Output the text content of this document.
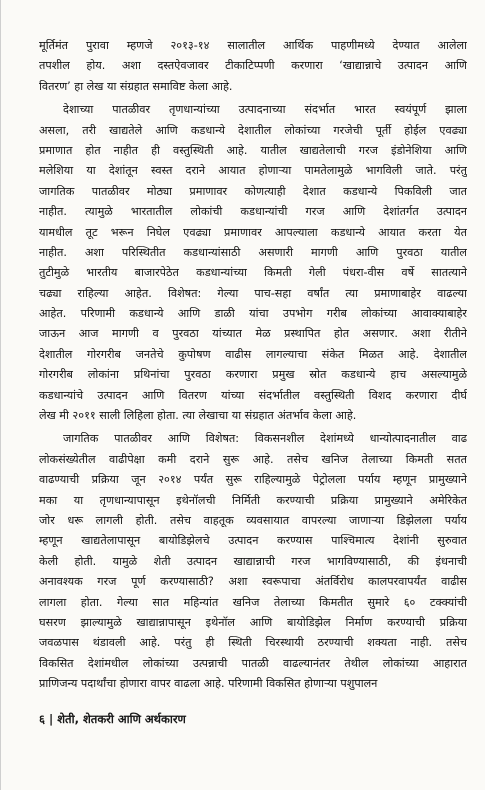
मूर्तिमंत पुरावा म्हणजे २०१३-१४ सालातील आर्थिक पाहणीमध्ये देण्यात आलेला
तपशील होय. अशा दस्तऐवजावर टीकाटिप्पणी करणारा ‘खाद्यान्नाचे उत्पादन आणि
वितरण’ हा लेख या संग्रहात समाविष्ट केला आहे.
देशाच्या पातळीवर तृणधान्यांच्या उत्पादनाच्या संदर्भात भारत स्वयंपूर्ण झाला
असला, तरी खाद्यतेले आणि कडधान्ये देशातील लोकांच्या गरजेची पूर्ती होईल एवढ्या
प्रमाणात होत नाहीत ही वस्तुस्थिती आहे. यातील खाद्यतेलाची गरज इंडोनेशिया आणि
मलेशिया या देशांतून स्वस्त दराने आयात होणाऱ्या पामतेलामुळे भागविली जाते. परंतु
जागतिक पातळीवर मोठ्या प्रमाणावर कोणत्याही देशात कडधान्ये पिकविली जात
नाहीत. त्यामुळे भारतातील लोकांची कडधान्यांची गरज आणि देशांतर्गत उत्पादन
यामधील तूट भरून निघेल एवढ्या प्रमाणावर आपल्याला कडधान्ये आयात करता येत
नाहीत. अशा परिस्थितीत कडधान्यांसाठी असणारी मागणी आणि पुरवठा यातील
तुटीमुळे भारतीय बाजारपेठेत कडधान्यांच्या किमती गेली पंधरा-वीस वर्षे सातत्याने
चढ्या राहिल्या आहेत. विशेषत: गेल्या पाच-सहा वर्षांत त्या प्रमाणाबाहेर वाढल्या
आहेत. परिणामी कडधान्ये आणि डाळी यांचा उपभोग गरीब लोकांच्या आवाक्याबाहेर
जाऊन आज मागणी व पुरवठा यांच्यात मेळ प्रस्थापित होत असणार. अशा रीतीने
देशातील गोरगरीब जनतेचे कुपोषण वाढीस लागल्याचा संकेत मिळत आहे. देशातील
गोरगरीब लोकांना प्रथिनांचा पुरवठा करणारा प्रमुख स्रोत कडधान्ये हाच असल्यामुळे
कडधान्यांचे उत्पादन आणि वितरण यांच्या संदर्भातील वस्तुस्थिती विशद करणारा दीर्घ
लेख मी २०११ साली लिहिला होता. त्या लेखाचा या संग्रहात अंतर्भाव केला आहे.
जागतिक पातळीवर आणि विशेषत: विकसनशील देशांमध्ये धान्योत्पादनातील वाढ
लोकसंख्येतील वाढीपेक्षा कमी दराने सुरू आहे. तसेच खनिज तेलाच्या किमती सतत
वाढण्याची प्रक्रिया जून २०१४ पर्यंत सुरू राहिल्यामुळे पेट्रोलला पर्याय म्हणून प्रामुख्याने
मका या तृणधान्यापासून इथेनॉलची निर्मिती करण्याची प्रक्रिया प्रामुख्याने अमेरिकेत
जोर धरू लागली होती. तसेच वाहतूक व्यवसायात वापरल्या जाणाऱ्या डिझेलला पर्याय
म्हणून खाद्यतेलापासून बायोडिझेलचे उत्पादन करण्यास पाश्चिमात्य देशांनी सुरुवात
केली होती. यामुळे शेती उत्पादन खाद्यान्नाची गरज भागविण्यासाठी, की इंधनाची
अनावश्यक गरज पूर्ण करण्यासाठी? अशा स्वरूपाचा अंतर्विरोध कालपरवापर्यंत वाढीस
लागला होता. गेल्या सात महिन्यांत खनिज तेलाच्या किमतीत सुमारे ६० टक्क्यांची
घसरण झाल्यामुळे खाद्यान्नापासून इथेनॉल आणि बायोडिझेल निर्माण करण्याची प्रक्रिया
जवळपास थंडावली आहे. परंतु ही स्थिती चिरस्थायी ठरण्याची शक्यता नाही. तसेच
विकसित देशांमधील लोकांच्या उत्पन्नाची पातळी वाढल्यानंतर तेथील लोकांच्या आहारात
प्राणिजन्य पदार्थांचा होणारा वापर वाढला आहे. परिणामी विकसित होणाऱ्या पशुपालन
६ | शेती, शेतकरी आणि अर्थकारण
